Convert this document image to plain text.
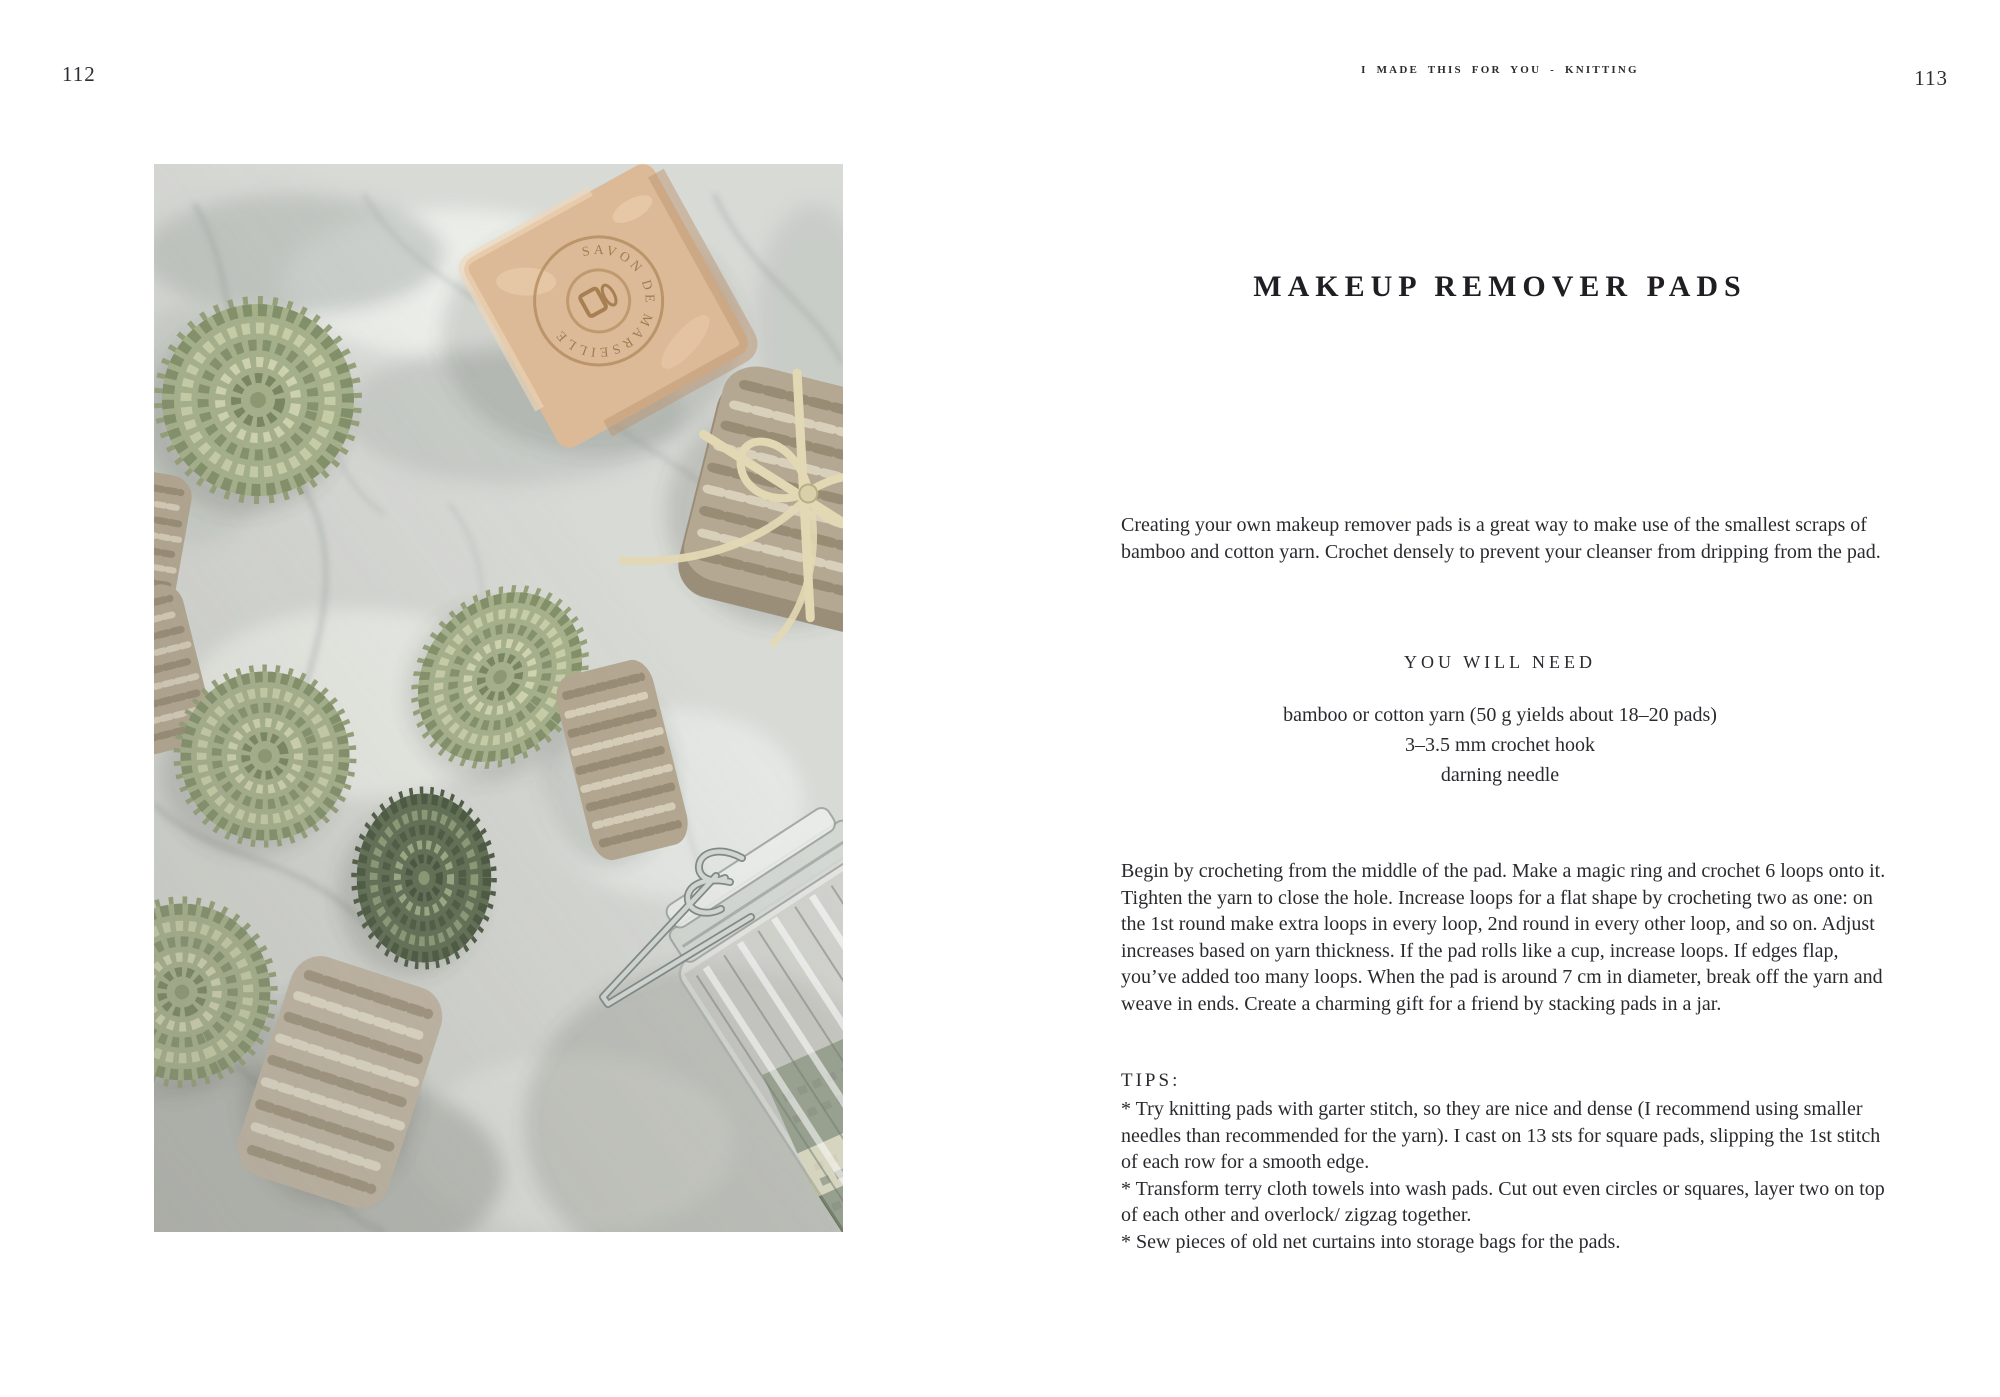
112	I MADE THIS FOR YOU - KNITTING	113
MAKEUP REMOVER PADS

Creating your own makeup remover pads is a great way to make use of the smallest scraps of bamboo and cotton yarn. Crochet densely to prevent your cleanser from dripping from the pad.

YOU WILL NEED
bamboo or cotton yarn (50 g yields about 18–20 pads)
3–3.5 mm crochet hook
darning needle

Begin by crocheting from the middle of the pad. Make a magic ring and crochet 6 loops onto it. Tighten the yarn to close the hole. Increase loops for a flat shape by crocheting two as one: on the 1st round make extra loops in every loop, 2nd round in every other loop, and so on. Adjust increases based on yarn thickness. If the pad rolls like a cup, increase loops. If edges flap, you’ve added too many loops. When the pad is around 7 cm in diameter, break off the yarn and weave in ends. Create a charming gift for a friend by stacking pads in a jar.

TIPS:

* Try knitting pads with garter stitch, so they are nice and dense (I recommend using smaller needles than recommended for the yarn). I cast on 13 sts for square pads, slipping the 1st stitch of each row for a smooth edge.

* Transform terry cloth towels into wash pads. Cut out even circles or squares, layer two on top of each other and overlock/ zigzag together.

* Sew pieces of old net curtains into storage bags for the pads.
